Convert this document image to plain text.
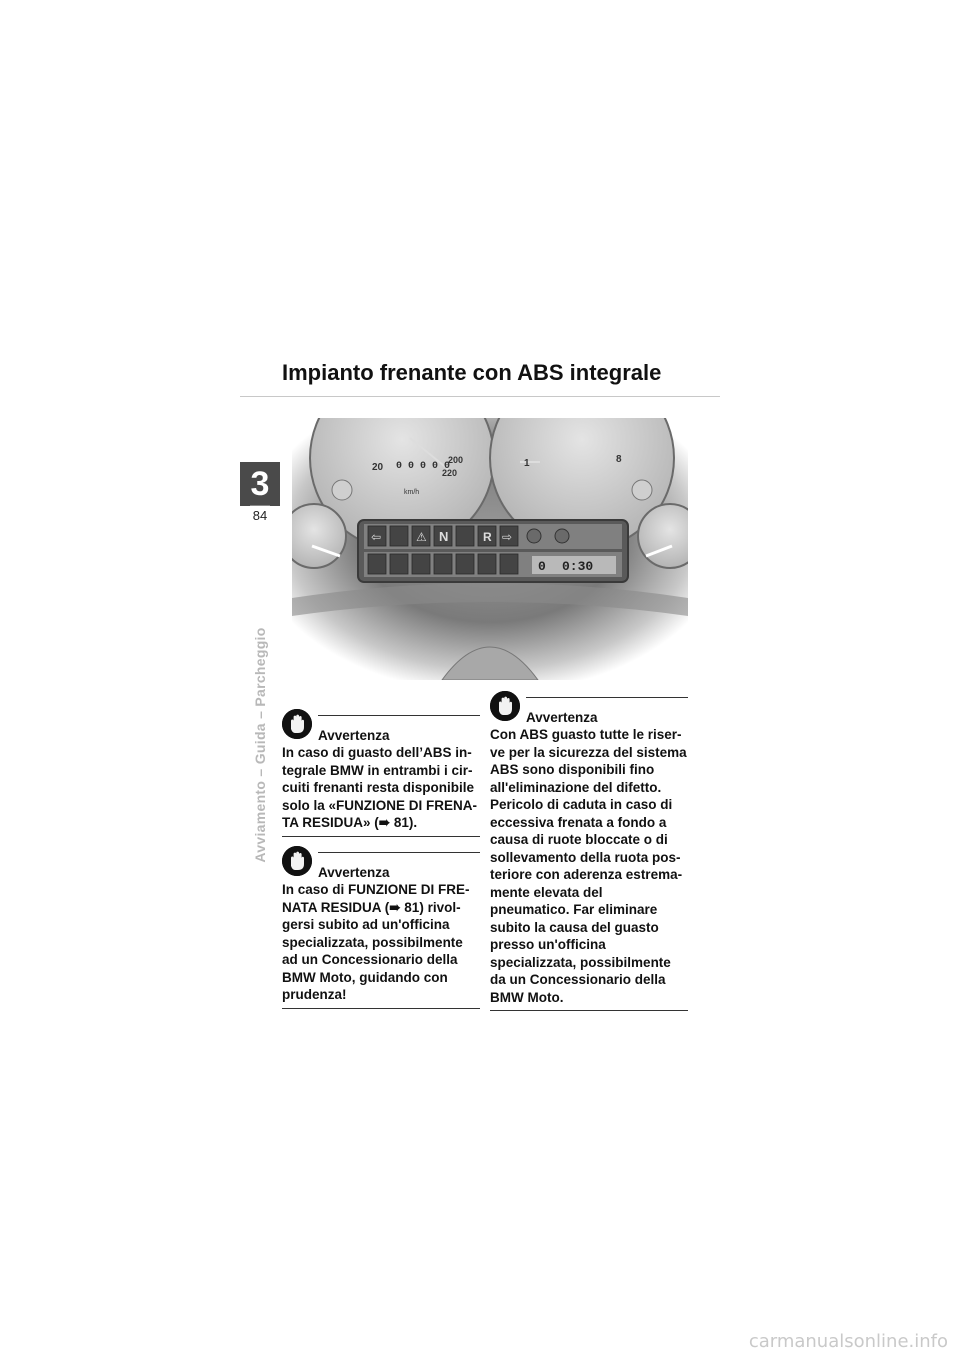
Impianto frenante con ABS integrale
3
84
Avviamento – Guida – Parcheggio
20
200
220
km/h
0 0 0 0 0	1	8
0 0:30
⇦	⇨
⚠ N	R
Avvertenza

In caso di guasto dell’ABS in-

tegrale BMW in entrambi i cir-

cuiti frenanti resta disponibile

solo la «FUNZIONE DI FRENA-

TA RESIDUA» (➠ 81).

Avvertenza

In caso di FUNZIONE DI FRE-

NATA RESIDUA (➠ 81) rivol-

gersi subito ad un'officina

specializzata, possibilmente

ad un Concessionario della

BMW Moto, guidando con

prudenza!

Avvertenza

Con ABS guasto tutte le riser-

ve per la sicurezza del sistema

ABS sono disponibili fino

all'eliminazione del difetto.

Pericolo di caduta in caso di

eccessiva frenata a fondo a

causa di ruote bloccate o di

sollevamento della ruota pos-

teriore con aderenza estrema-

mente elevata del

pneumatico. Far eliminare

subito la causa del guasto

presso un'officina

specializzata, possibilmente

da un Concessionario della

BMW Moto.

carmanualsonline.info
